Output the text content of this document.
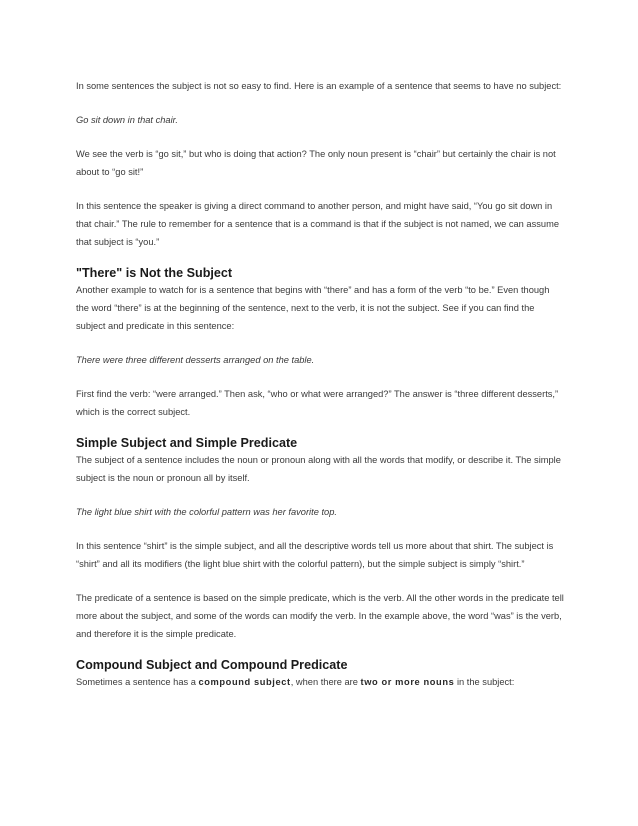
In some sentences the subject is not so easy to find. Here is an example of a sentence that seems to have no subject:

Go sit down in that chair.

We see the verb is “go sit,” but who is doing that action? The only noun present is “chair” but certainly the chair is not about to “go sit!”

In this sentence the speaker is giving a direct command to another person, and might have said, “You go sit down in that chair.” The rule to remember for a sentence that is a command is that if the subject is not named, we can assume that subject is “you.”

"There" is Not the Subject

Another example to watch for is a sentence that begins with “there” and has a form of the verb “to be.” Even though the word “there” is at the beginning of the sentence, next to the verb, it is not the subject. See if you can find the subject and predicate in this sentence:

There were three different desserts arranged on the table.

First find the verb: “were arranged.” Then ask, “who or what were arranged?” The answer is “three different desserts,” which is the correct subject.

Simple Subject and Simple Predicate

The subject of a sentence includes the noun or pronoun along with all the words that modify, or describe it. The simple subject is the noun or pronoun all by itself.

The light blue shirt with the colorful pattern was her favorite top.

In this sentence “shirt” is the simple subject, and all the descriptive words tell us more about that shirt. The subject is “shirt” and all its modifiers (the light blue shirt with the colorful pattern), but the simple subject is simply “shirt.”

The predicate of a sentence is based on the simple predicate, which is the verb. All the other words in the predicate tell more about the subject, and some of the words can modify the verb. In the example above, the word “was” is the verb, and therefore it is the simple predicate.

Compound Subject and Compound Predicate

Sometimes a sentence has a compound subject, when there are two or more nouns in the subject:
